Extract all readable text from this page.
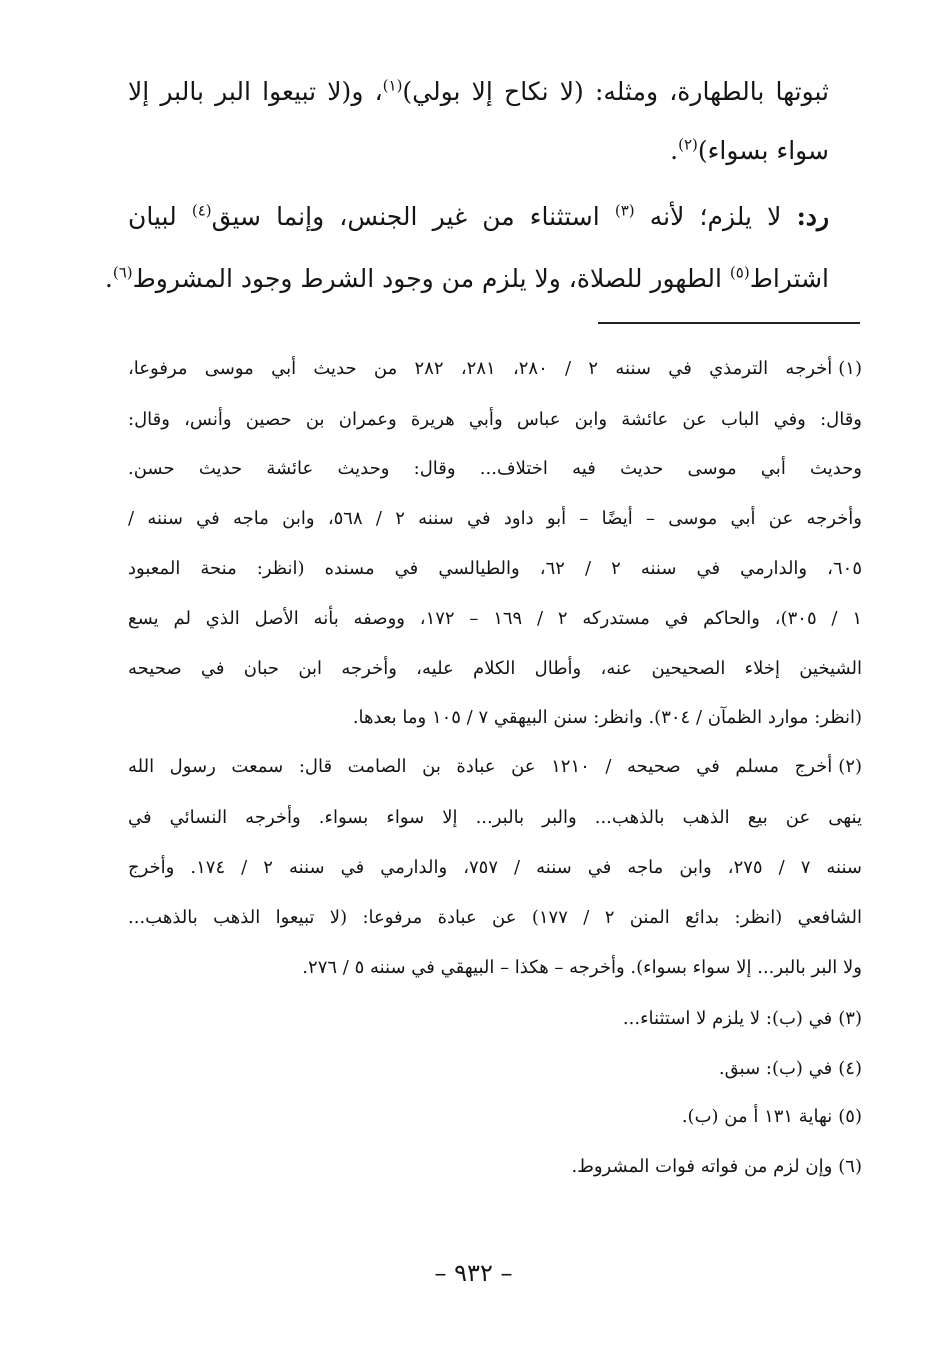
ثبوتها بالطهارة، ومثله: (لا نكاح إلا بولي)$^{(١)}$، و(لا تبيعوا البر بالبر إلا
سواء بسواء)$^{(٢)}$.
رد: لا يلزم؛ لأنه $^{(٣)}$ استثناء من غير الجنس، وإنما سيق$^{(٤)}$ لبيان
اشتراط$^{(٥)}$ الطهور للصلاة، ولا يلزم من وجود الشرط وجود المشروط$^{(٦)}$.
(١)أخرجه الترمذي في سننه ٢ / ٢٨٠، ٢٨١، ٢٨٢ من حديث أبي موسى مرفوعا،
وقال: وفي الباب عن عائشة وابن عباس وأبي هريرة وعمران بن حصين وأنس، وقال:
وحديث أبي موسى حديث فيه اختلاف... وقال: وحديث عائشة حديث حسن.
وأخرجه عن أبي موسى – أيضًا – أبو داود في سننه ٢ / ٥٦٨، وابن ماجه في سننه /
٦٠٥، والدارمي في سننه ٢ / ٦٢، والطيالسي في مسنده (انظر: منحة المعبود
١ / ٣٠٥)، والحاكم في مستدركه ٢ / ١٦٩ – ١٧٢، ووصفه بأنه الأصل الذي لم يسع
الشيخين إخلاء الصحيحين عنه، وأطال الكلام عليه، وأخرجه ابن حبان في صحيحه
(انظر: موارد الظمآن / ٣٠٤). وانظر: سنن البيهقي ٧ / ١٠٥ وما بعدها.
(٢)أخرج مسلم في صحيحه / ١٢١٠ عن عبادة بن الصامت قال: سمعت رسول الله
ينهى عن بيع الذهب بالذهب... والبر بالبر... إلا سواء بسواء. وأخرجه النسائي في
سننه ٧ / ٢٧٥، وابن ماجه في سننه / ٧٥٧، والدارمي في سننه ٢ / ١٧٤. وأخرج
الشافعي (انظر: بدائع المنن ٢ / ١٧٧) عن عبادة مرفوعا: (لا تبيعوا الذهب بالذهب...
ولا البر بالبر... إلا سواء بسواء). وأخرجه – هكذا – البيهقي في سننه ٥ / ٢٧٦.
(٣)في (ب): لا يلزم لا استثناء...
(٤)في (ب): سبق.
(٥)نهاية ١٣١ أ من (ب).
(٦)وإن لزم من فواته فوات المشروط.
– ٩٣٢ –
